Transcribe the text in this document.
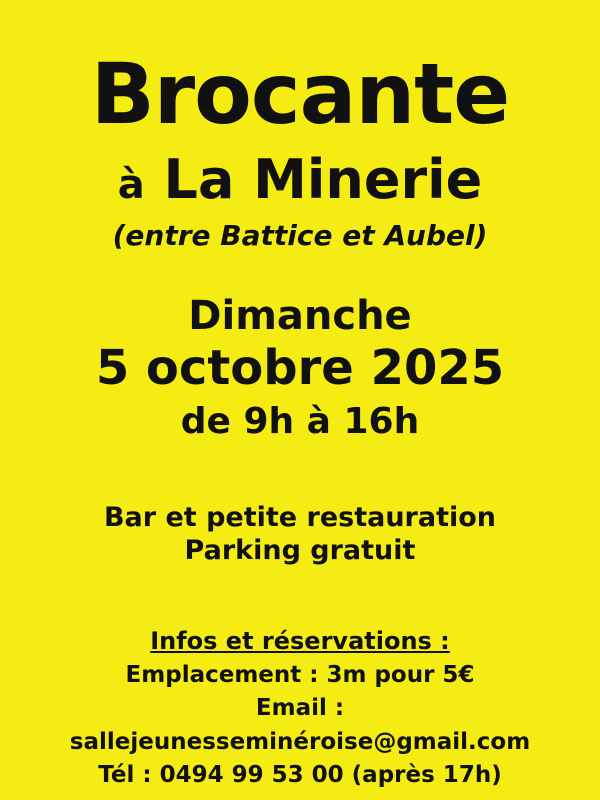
Brocante
à La Minerie
(entre Battice et Aubel)
Dimanche
5 octobre 2025
de 9h à 16h
Bar et petite restauration
Parking gratuit
Infos et réservations :
Emplacement : 3m pour 5€
Email : sallejeunesseminéroise@gmail.com
Tél : 0494 99 53 00 (après 17h)
